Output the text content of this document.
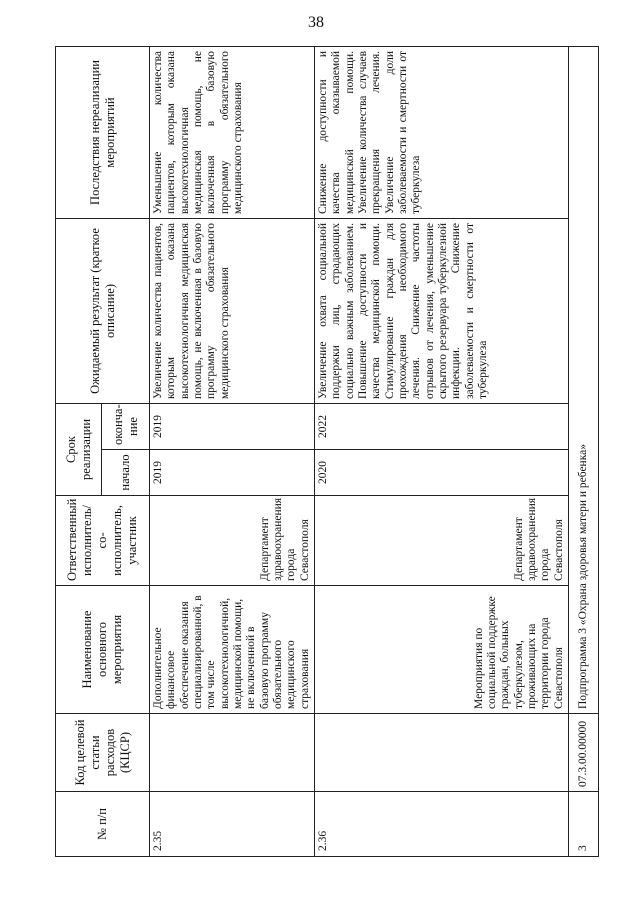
38
№ п/п	Код целевой статьи расходов (КЦСР)	Наименование основного мероприятия	Ответственный исполнитель/со-исполнитель, участник	Срок реализации		Ожидаемый результат (краткое описание)	Последствия нереализации мероприятий
				начало	оконча-ние		
2.35		Дополнительное финансовое обеспечение оказания специализированной, в том числе высокотехнологичной, медицинской помощи, не включенной в базовую программу обязательного медицинского страхования	Департамент здравоохранения города Севастополя	2019	2019	Увеличение количества пациентов, которым оказана высокотехнологичная медицинская помощь, не включенная в базовую программу обязательного медицинского страхования	Уменьшение количества пациентов, которым оказана высокотехнологичная медицинская помощь, не включенная в базовую программу обязательного медицинского страхования
2.36		Мероприятия по социальной поддержке граждан, больных туберкулезом, проживающих на территории города Севастополя	Департамент здравоохранения города Севастополя	2020	2022	Увеличение охвата социальной поддержки лиц, страдающих социально важным заболеванием. Повышение доступности и качества медицинской помощи. Стимулирование граждан для прохождения необходимого лечения. Снижение частоты отрывов от лечения, уменьшение скрытого резервуара туберкулезной инфекции. Снижение заболеваемости и смертности от туберкулеза	Снижение доступности и качества оказываемой медицинской помощи. Увеличение количества случаев прекращения лечения. Увеличение доли заболеваемости и смертности от туберкулеза
3	07.3.00.00000	Подпрограмма 3 «Охрана здоровья матери и ребенка»					
